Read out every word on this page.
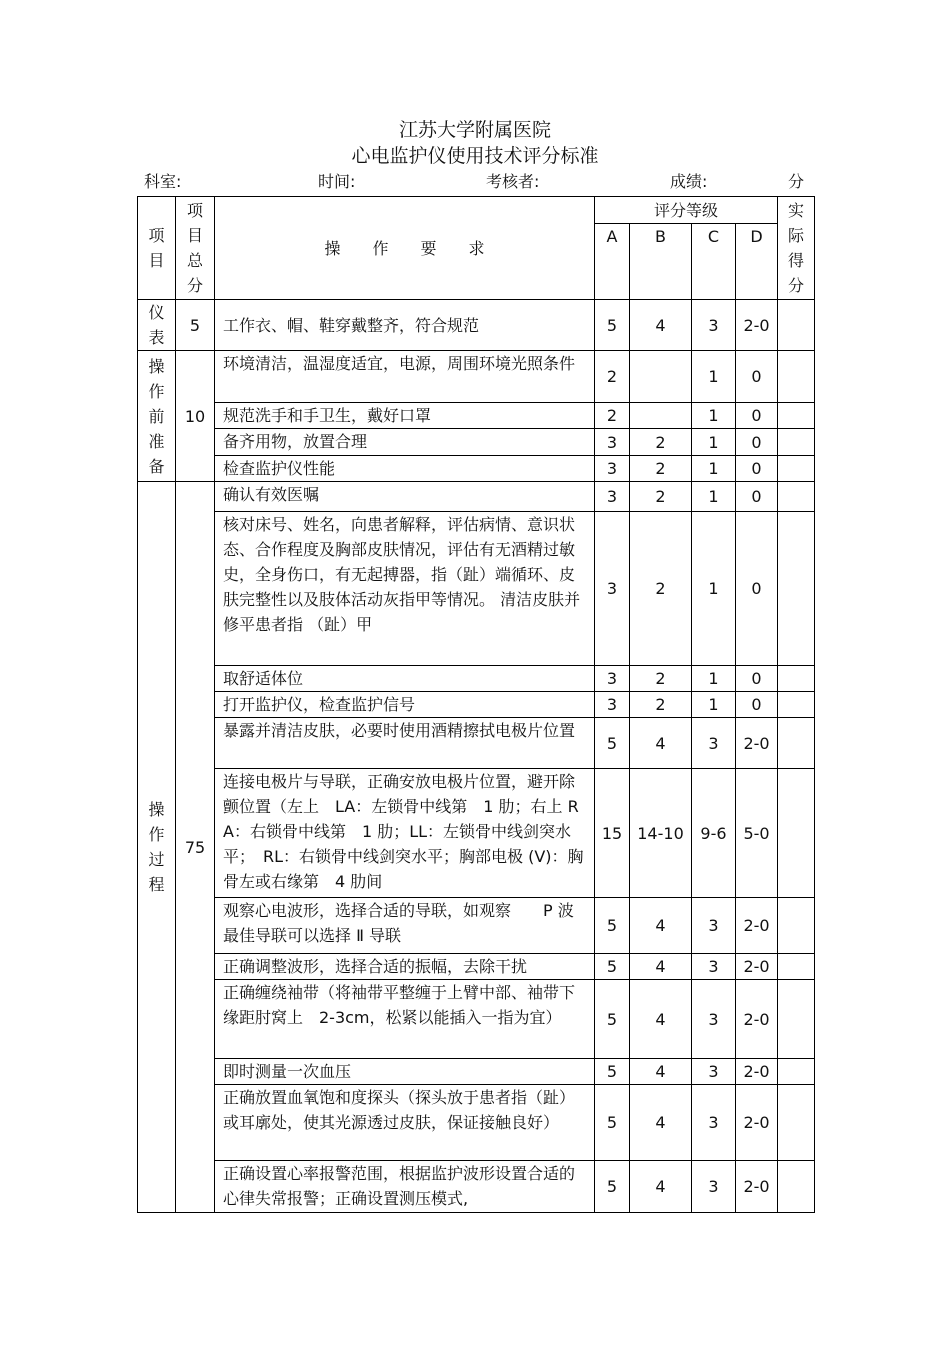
江苏大学附属医院
心电监护仪使用技术评分标准
科室:	时间:	考核者:	成绩:	分
项目	项目总分	操　　作　　要　　求	评分等级				实际得分
			A	B	C	D	
仪表	5	工作衣、帽、鞋穿戴整齐，符合规范	5	4	3	2-0	
操作前准备	10	环境清洁，温湿度适宜，电源，周围环境光照条件	2		1	0	
		规范洗手和手卫生，戴好口罩	2		1	0	
		备齐用物，放置合理	3	2	1	0	
		检查监护仪性能	3	2	1	0	
操作过程	75	确认有效医嘱	3	2	1	0	
		核对床号、姓名，向患者解释，评估病情、意识状态、合作程度及胸部皮肤情况，评估有无酒精过敏史，全身伤口，有无起搏器，指（趾）端循环、皮肤完整性以及肢体活动灰指甲等情况。 清洁皮肤并修平患者指 （趾）甲	3	2	1	0	
		取舒适体位	3	2	1	0	
		打开监护仪，检查监护信号	3	2	1	0	
		暴露并清洁皮肤，必要时使用酒精擦拭电极片位置	5	4	3	2-0	
		连接电极片与导联，正确安放电极片位置，避开除颤位置（左上　LA：左锁骨中线第　1 肋；右上 RA：右锁骨中线第　1 肋；LL：左锁骨中线剑突水平；　RL：右锁骨中线剑突水平；胸部电极 (V)：胸骨左或右缘第　4 肋间	15	14-10	9-6	5-0	
		观察心电波形，选择合适的导联，如观察　　P 波最佳导联可以选择 Ⅱ 导联	5	4	3	2-0	
		正确调整波形，选择合适的振幅，去除干扰	5	4	3	2-0	
		正确缠绕袖带（将袖带平整缠于上臂中部、袖带下缘距肘窝上　2-3cm，松紧以能插入一指为宜）	5	4	3	2-0	
		即时测量一次血压	5	4	3	2-0	
		正确放置血氧饱和度探头（探头放于患者指（趾）或耳廓处，使其光源透过皮肤，保证接触良好）	5	4	3	2-0	
		正确设置心率报警范围，根据监护波形设置合适的心律失常报警；正确设置测压模式,	5	4	3	2-0	
